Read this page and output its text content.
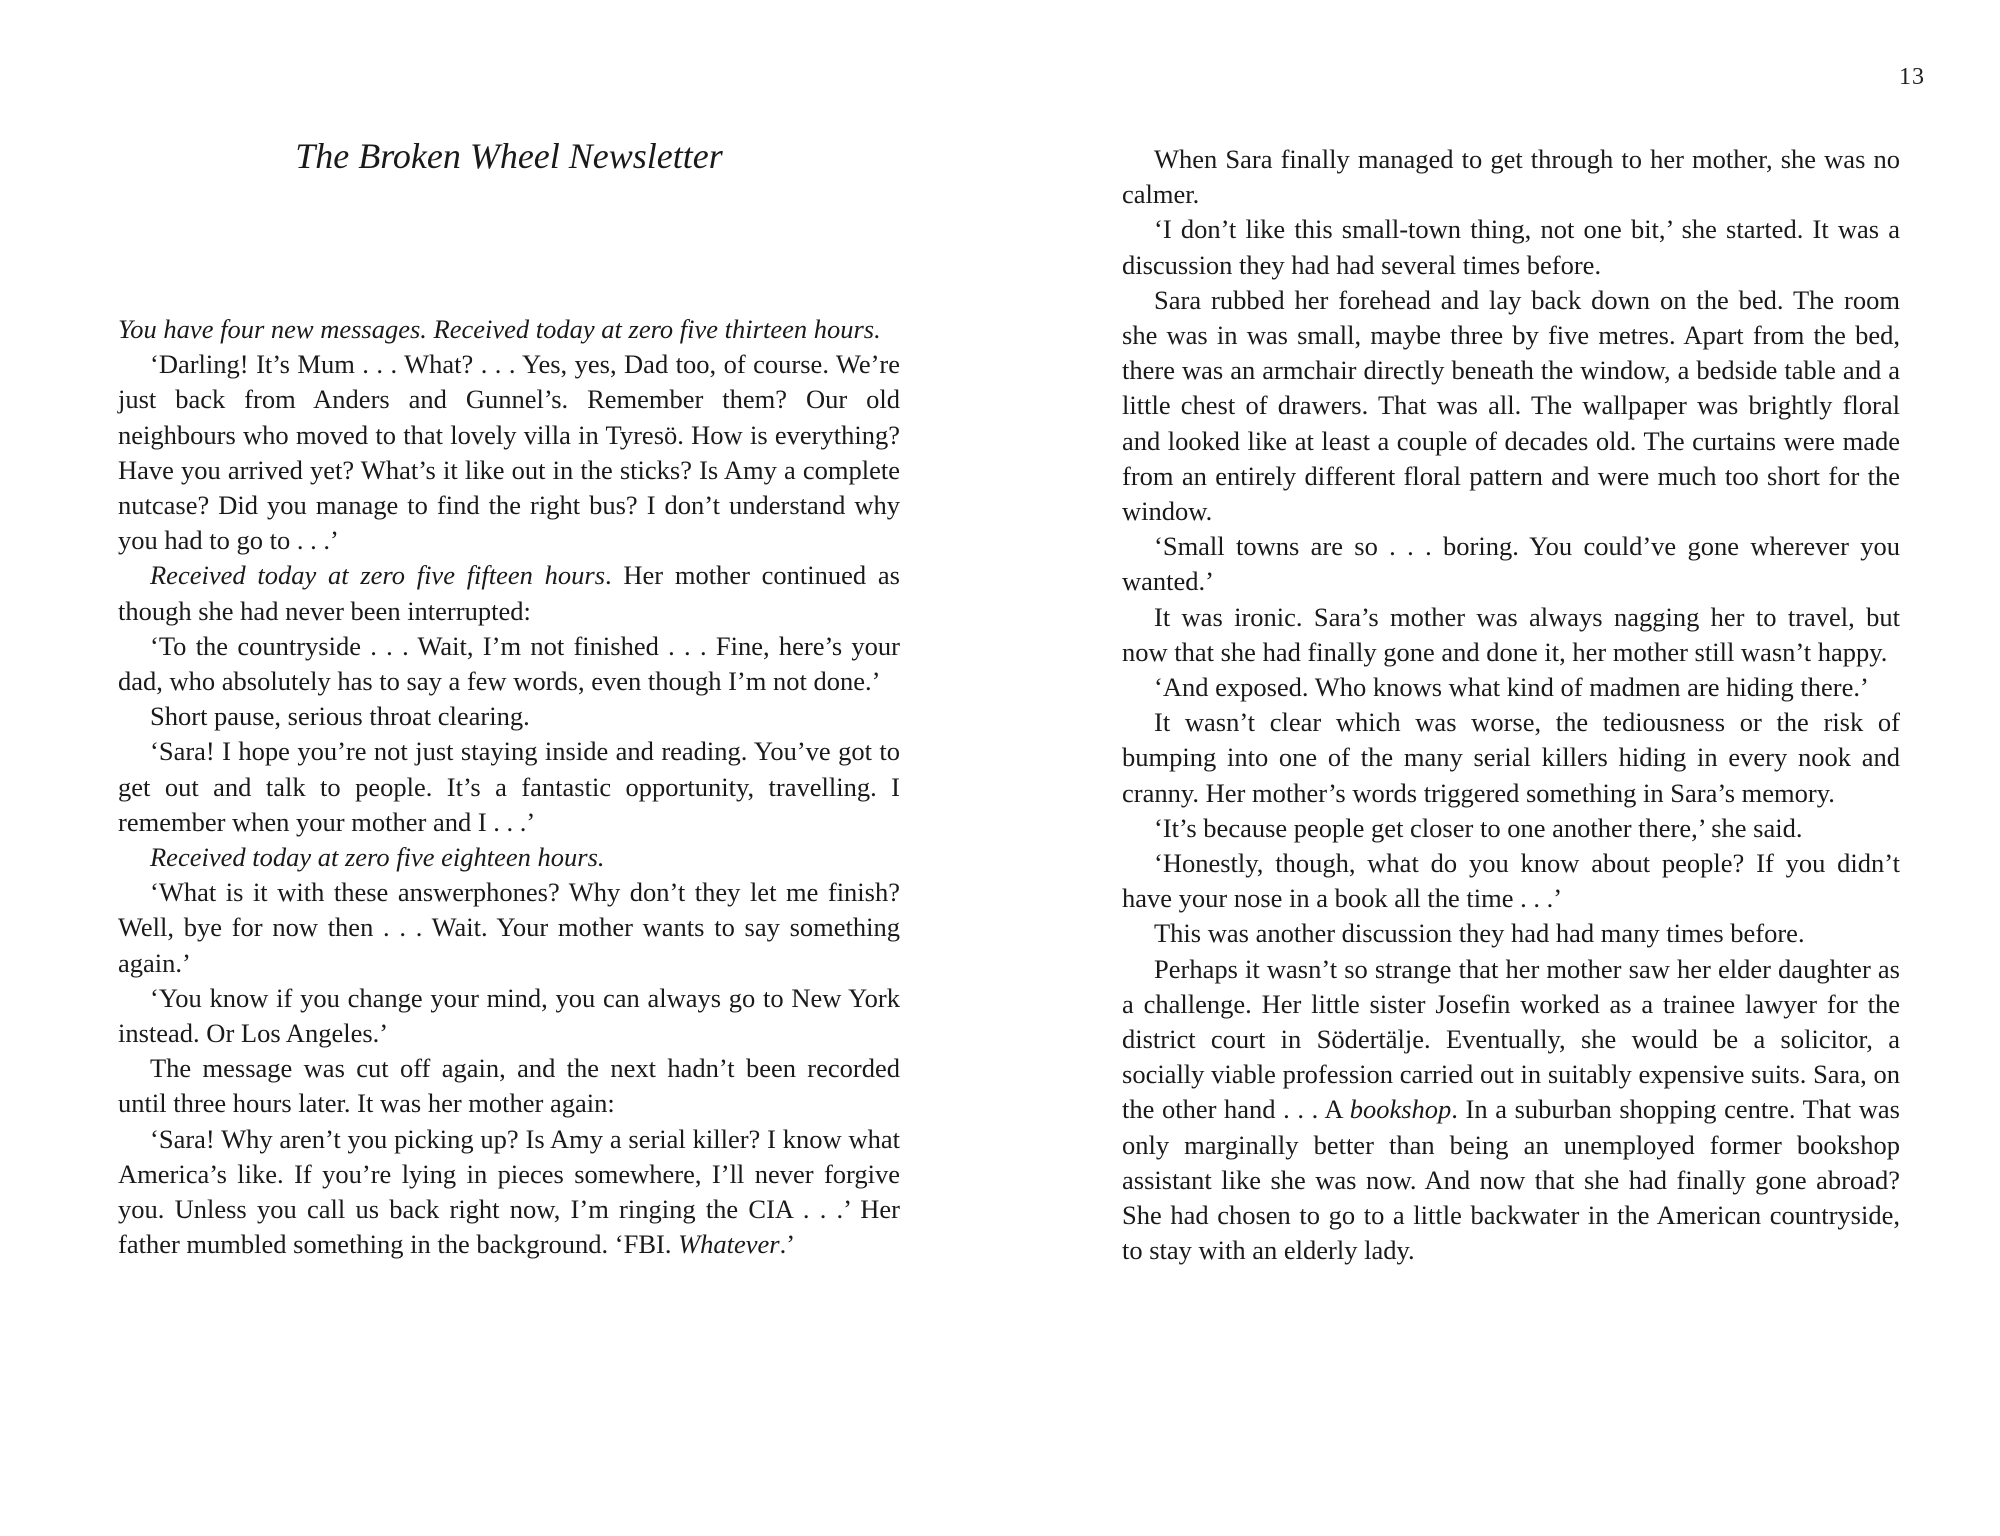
The Broken Wheel Newsletter

You have four new messages. Received today at zero five thirteen hours.

‘Darling! It’s Mum . . . What? . . . Yes, yes, Dad too, of course. We’re just back from Anders and Gunnel’s. Remember them? Our old neighbours who moved to that lovely villa in Tyresö. How is everything? Have you arrived yet? What’s it like out in the sticks? Is Amy a complete nutcase? Did you manage to find the right bus? I don’t understand why you had to go to . . .’

Received today at zero five fifteen hours. Her mother continued as though she had never been interrupted:

‘To the countryside . . . Wait, I’m not finished . . . Fine, here’s your dad, who absolutely has to say a few words, even though I’m not done.’

Short pause, serious throat clearing.

‘Sara! I hope you’re not just staying inside and reading. You’ve got to get out and talk to people. It’s a fantastic opportunity, travelling. I remember when your mother and I . . .’

Received today at zero five eighteen hours.

‘What is it with these answerphones? Why don’t they let me finish? Well, bye for now then . . . Wait. Your mother wants to say something again.’

‘You know if you change your mind, you can always go to New York instead. Or Los Angeles.’

The message was cut off again, and the next hadn’t been recorded until three hours later. It was her mother again:

‘Sara! Why aren’t you picking up? Is Amy a serial killer? I know what America’s like. If you’re lying in pieces somewhere, I’ll never forgive you. Unless you call us back right now, I’m ringing the CIA . . .’ Her father mumbled something in the background. ‘FBI. Whatever.’

13

When Sara finally managed to get through to her mother, she was no calmer.

‘I don’t like this small-town thing, not one bit,’ she started. It was a discussion they had had several times before.

Sara rubbed her forehead and lay back down on the bed. The room she was in was small, maybe three by five metres. Apart from the bed, there was an armchair directly beneath the window, a bedside table and a little chest of drawers. That was all. The wallpaper was brightly floral and looked like at least a couple of decades old. The curtains were made from an entirely different floral pattern and were much too short for the window.

‘Small towns are so . . . boring. You could’ve gone wherever you wanted.’

It was ironic. Sara’s mother was always nagging her to travel, but now that she had finally gone and done it, her mother still wasn’t happy.

‘And exposed. Who knows what kind of madmen are hiding there.’

It wasn’t clear which was worse, the tediousness or the risk of bumping into one of the many serial killers hiding in every nook and cranny. Her mother’s words triggered something in Sara’s memory.

‘It’s because people get closer to one another there,’ she said.

‘Honestly, though, what do you know about people? If you didn’t have your nose in a book all the time . . .’

This was another discussion they had had many times before.

Perhaps it wasn’t so strange that her mother saw her elder daughter as a challenge. Her little sister Josefin worked as a trainee lawyer for the district court in Södertälje. Eventually, she would be a solicitor, a socially viable profession carried out in suitably expensive suits. Sara, on the other hand . . . A bookshop. In a suburban shopping centre. That was only marginally better than being an unemployed former bookshop assistant like she was now. And now that she had finally gone abroad? She had chosen to go to a little backwater in the American countryside, to stay with an elderly lady.
